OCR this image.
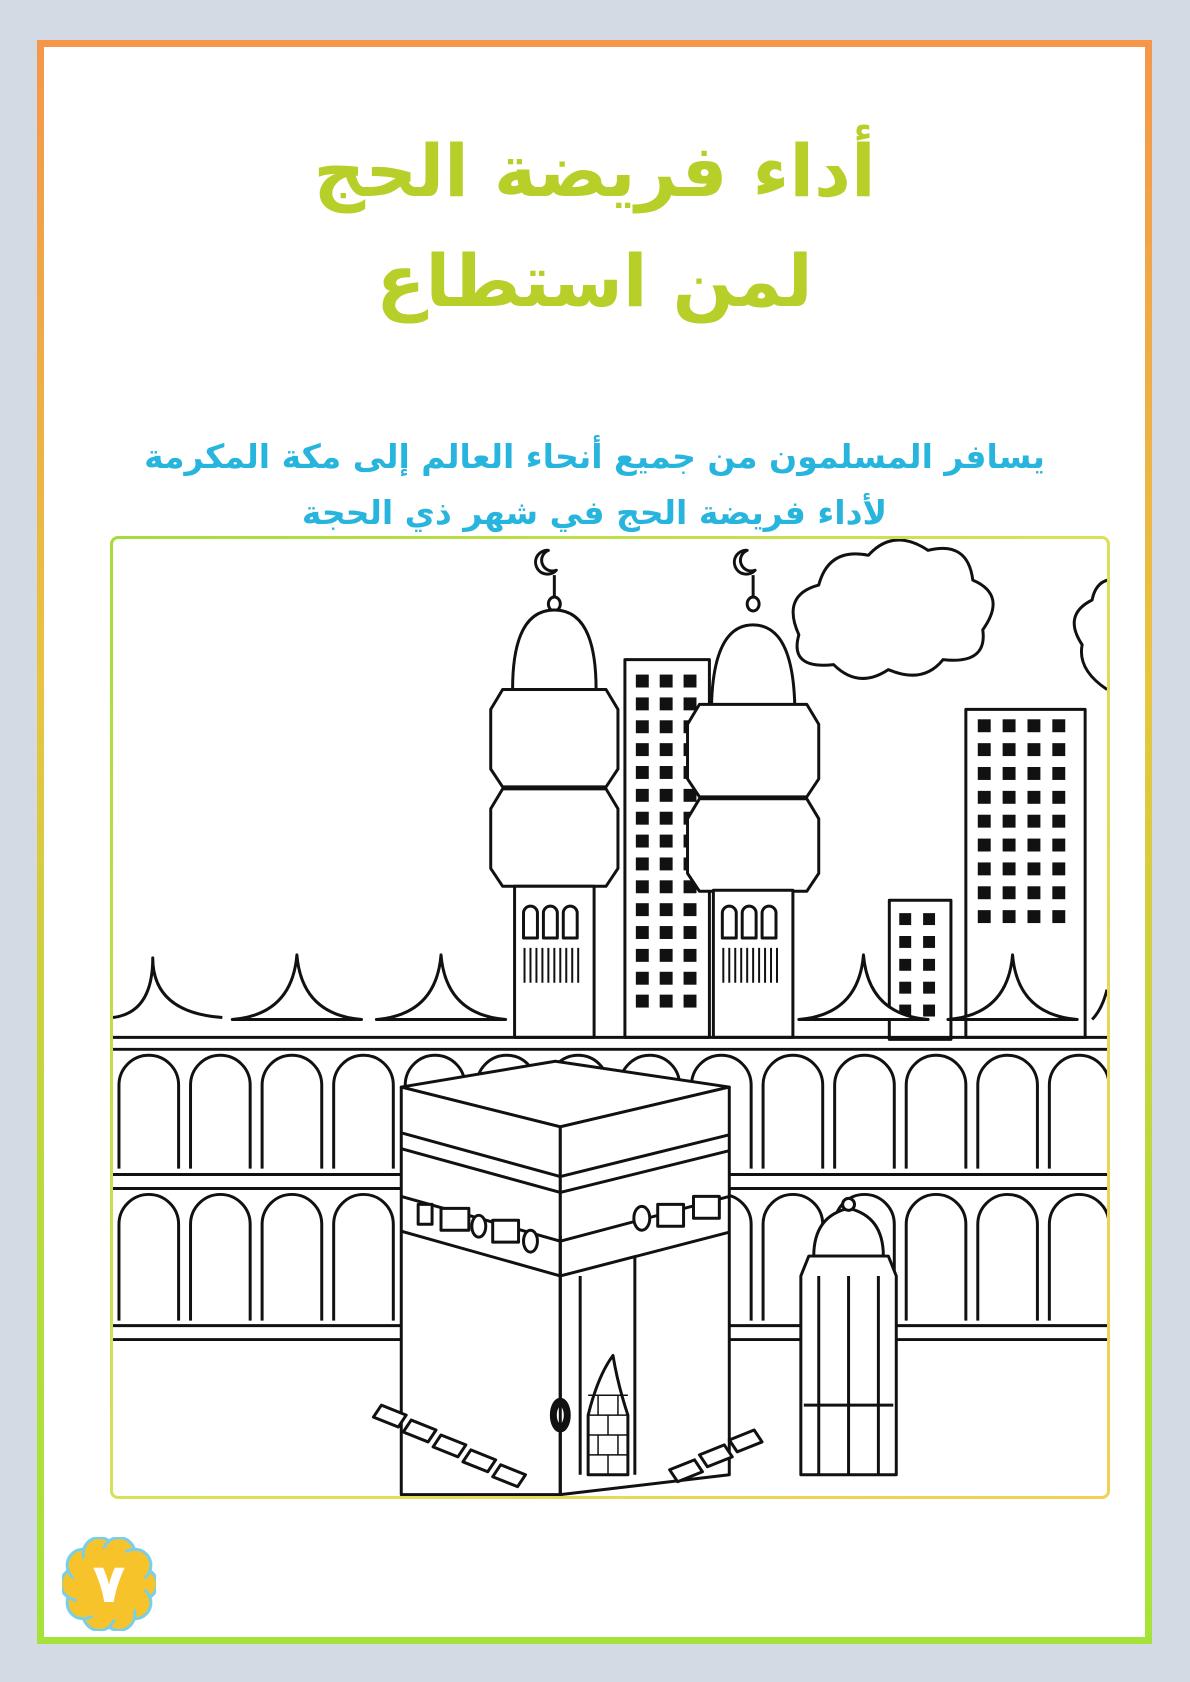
أداء فريضة الحج
لمن استطاع

يسافر المسلمون من جميع أنحاء العالم إلى مكة المكرمة

لأداء فريضة الحج في شهر ذي الحجة

٧
